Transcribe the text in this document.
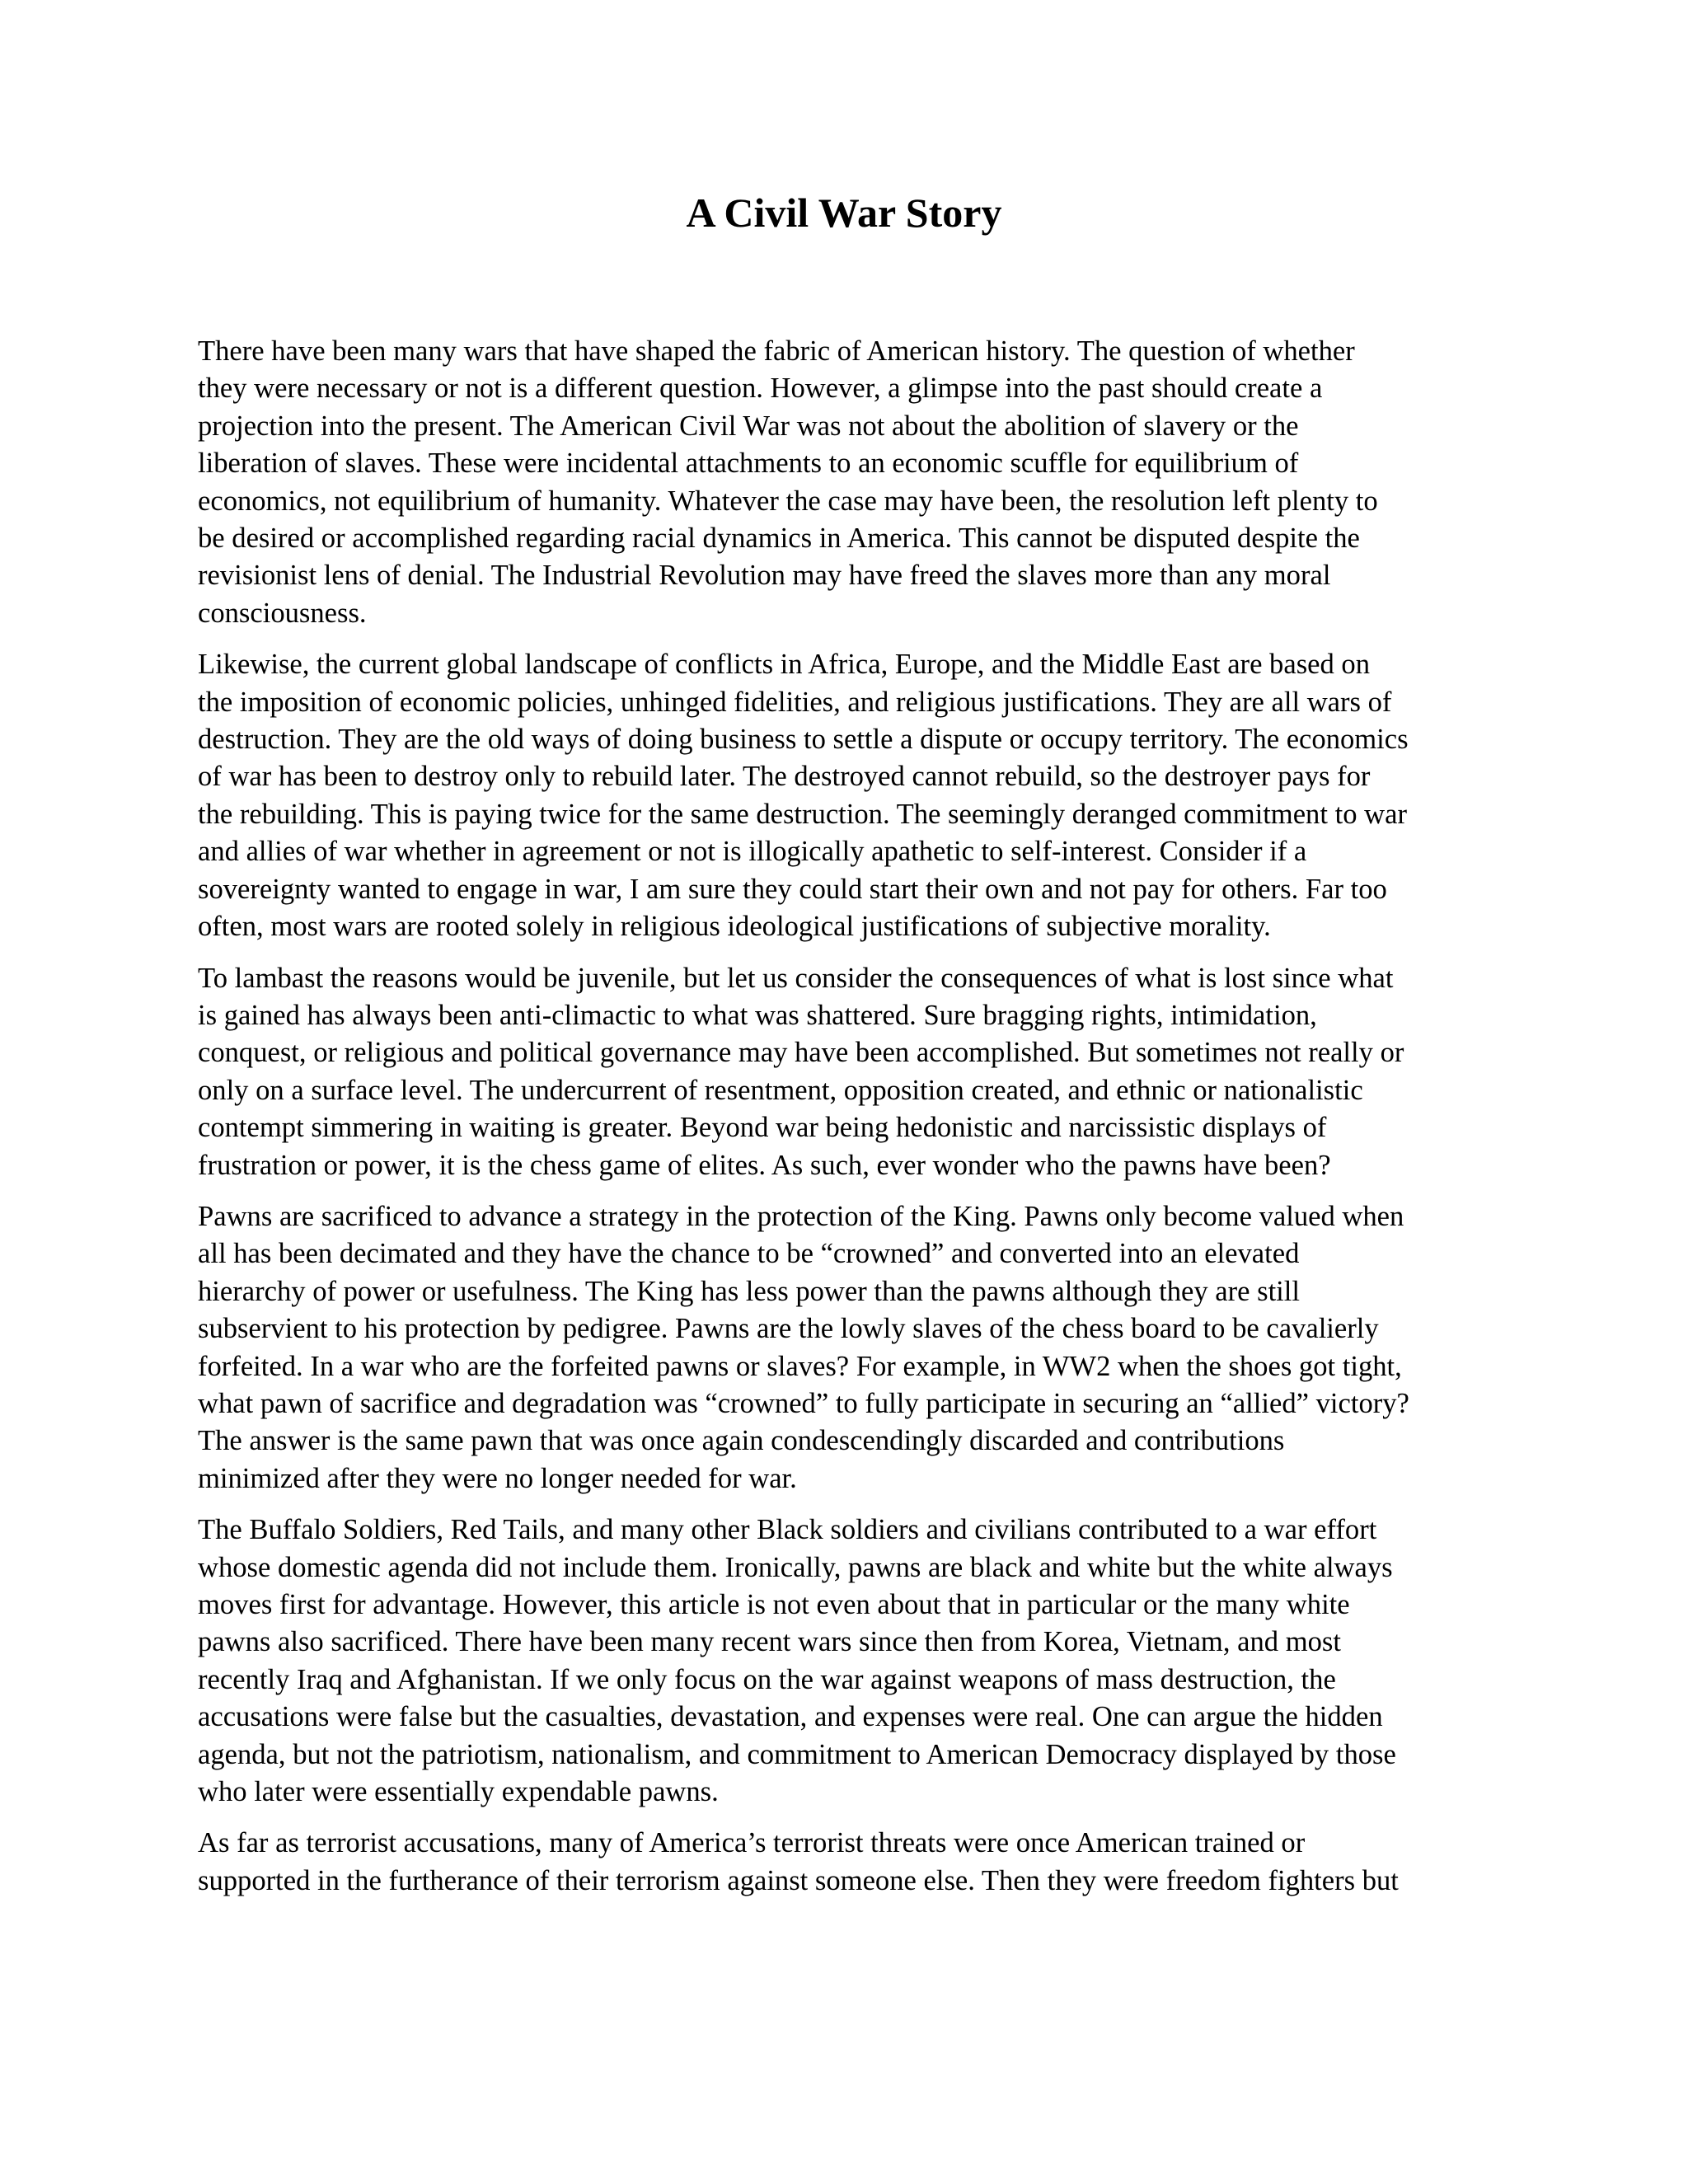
A Civil War Story

There have been many wars that have shaped the fabric of American history. The question of whether
they were necessary or not is a different question. However, a glimpse into the past should create a
projection into the present. The American Civil War was not about the abolition of slavery or the
liberation of slaves. These were incidental attachments to an economic scuffle for equilibrium of
economics, not equilibrium of humanity. Whatever the case may have been, the resolution left plenty to
be desired or accomplished regarding racial dynamics in America. This cannot be disputed despite the
revisionist lens of denial. The Industrial Revolution may have freed the slaves more than any moral
consciousness.

Likewise, the current global landscape of conflicts in Africa, Europe, and the Middle East are based on
the imposition of economic policies, unhinged fidelities, and religious justifications. They are all wars of
destruction. They are the old ways of doing business to settle a dispute or occupy territory. The economics
of war has been to destroy only to rebuild later. The destroyed cannot rebuild, so the destroyer pays for
the rebuilding. This is paying twice for the same destruction. The seemingly deranged commitment to war
and allies of war whether in agreement or not is illogically apathetic to self-interest. Consider if a
sovereignty wanted to engage in war, I am sure they could start their own and not pay for others. Far too
often, most wars are rooted solely in religious ideological justifications of subjective morality.

To lambast the reasons would be juvenile, but let us consider the consequences of what is lost since what
is gained has always been anti-climactic to what was shattered. Sure bragging rights, intimidation,
conquest, or religious and political governance may have been accomplished. But sometimes not really or
only on a surface level. The undercurrent of resentment, opposition created, and ethnic or nationalistic
contempt simmering in waiting is greater. Beyond war being hedonistic and narcissistic displays of
frustration or power, it is the chess game of elites. As such, ever wonder who the pawns have been?

Pawns are sacrificed to advance a strategy in the protection of the King. Pawns only become valued when
all has been decimated and they have the chance to be “crowned” and converted into an elevated
hierarchy of power or usefulness. The King has less power than the pawns although they are still
subservient to his protection by pedigree. Pawns are the lowly slaves of the chess board to be cavalierly
forfeited. In a war who are the forfeited pawns or slaves? For example, in WW2 when the shoes got tight,
what pawn of sacrifice and degradation was “crowned” to fully participate in securing an “allied” victory?
The answer is the same pawn that was once again condescendingly discarded and contributions
minimized after they were no longer needed for war.

The Buffalo Soldiers, Red Tails, and many other Black soldiers and civilians contributed to a war effort
whose domestic agenda did not include them. Ironically, pawns are black and white but the white always
moves first for advantage. However, this article is not even about that in particular or the many white
pawns also sacrificed. There have been many recent wars since then from Korea, Vietnam, and most
recently Iraq and Afghanistan. If we only focus on the war against weapons of mass destruction, the
accusations were false but the casualties, devastation, and expenses were real. One can argue the hidden
agenda, but not the patriotism, nationalism, and commitment to American Democracy displayed by those
who later were essentially expendable pawns.

As far as terrorist accusations, many of America’s terrorist threats were once American trained or
supported in the furtherance of their terrorism against someone else. Then they were freedom fighters but
